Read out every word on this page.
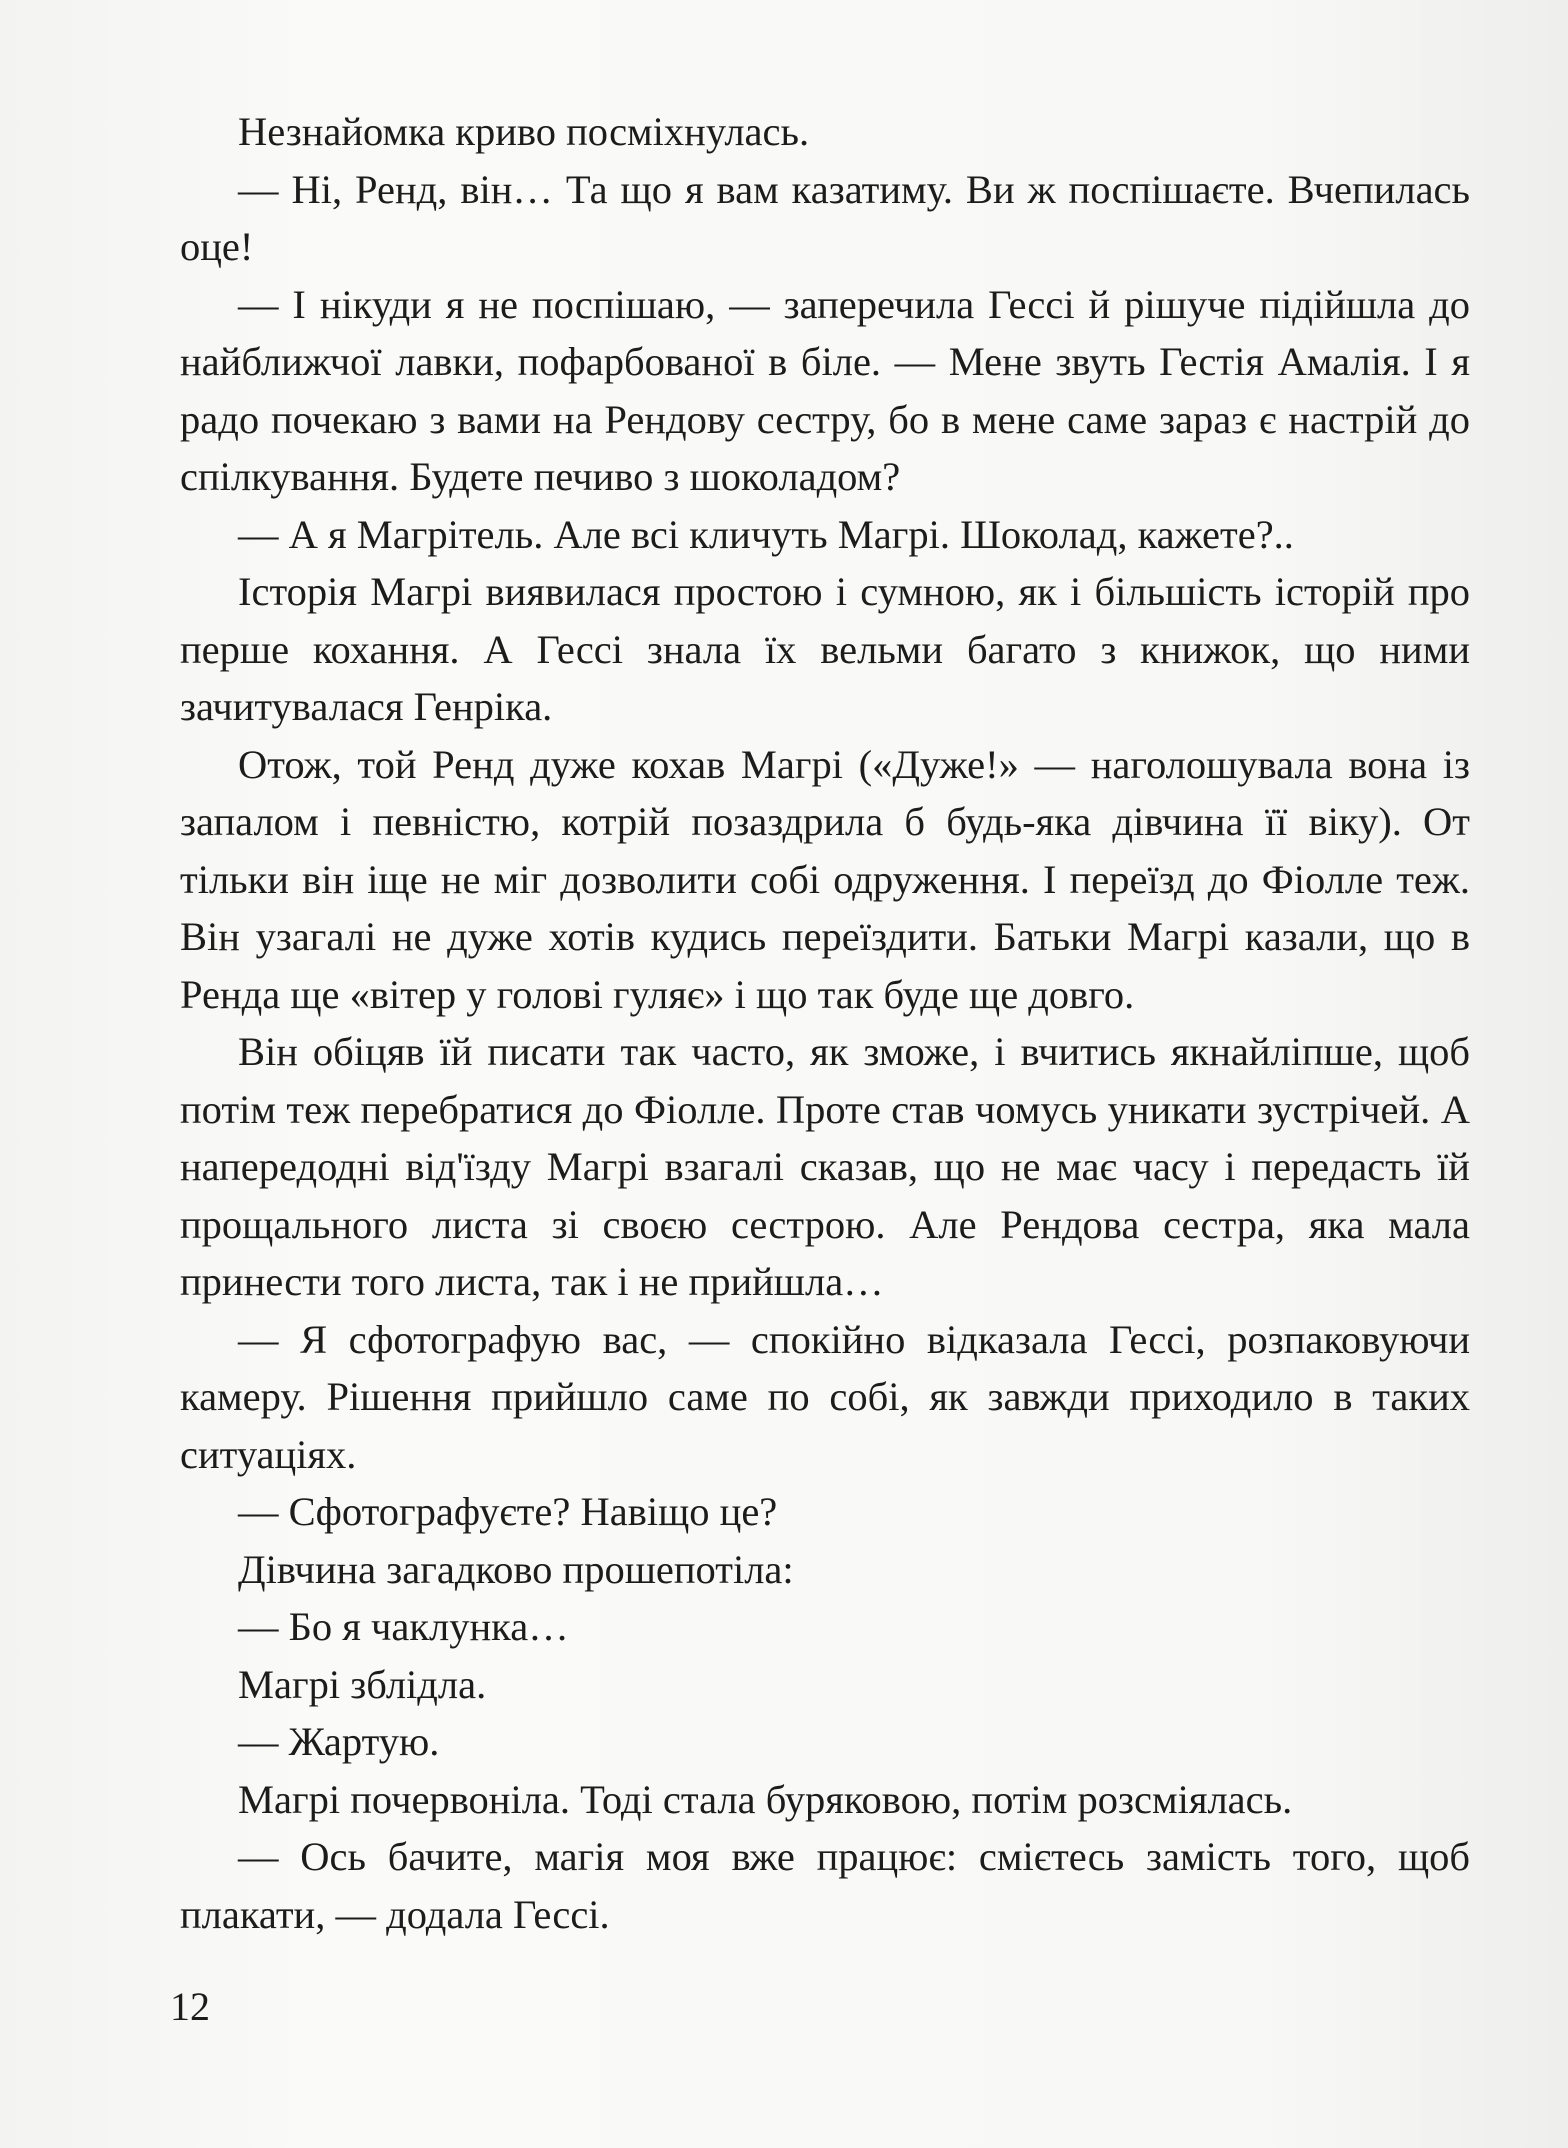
Незнайомка криво посміхнулась.

— Ні, Ренд, він… Та що я вам казатиму. Ви ж поспішаєте. Вчепилась оце!

— І нікуди я не поспішаю, — заперечила Гессі й рішуче підійшла до найближчої лавки, пофарбованої в біле. — Мене звуть Гестія Амалія. І я радо почекаю з вами на Рендову сестру, бо в мене саме зараз є настрій до спілкування. Будете печиво з шоколадом?

— А я Магрітель. Але всі кличуть Магрі. Шоколад, кажете?..

Історія Магрі виявилася простою і сумною, як і більшість історій про перше кохання. А Гессі знала їх вельми багато з книжок, що ними зачитувалася Генріка.

Отож, той Ренд дуже кохав Магрі («Дуже!» — наголошувала вона із запалом і певністю, котрій позаздрила б будь-яка дівчина її віку). От тільки він іще не міг дозволити собі одруження. І переїзд до Фіолле теж. Він узагалі не дуже хотів кудись переїздити. Батьки Магрі казали, що в Ренда ще «вітер у голові гуляє» і що так буде ще довго.

Він обіцяв їй писати так часто, як зможе, і вчитись якнайліпше, щоб потім теж перебратися до Фіолле. Проте став чомусь уникати зустрічей. А напередодні від'їзду Магрі взагалі сказав, що не має часу і передасть їй прощального листа зі своєю сестрою. Але Рендова сестра, яка мала принести того листа, так і не прийшла…

— Я сфотографую вас, — спокійно відказала Гессі, розпаковуючи камеру. Рішення прийшло саме по собі, як завжди приходило в таких ситуаціях.

— Сфотографуєте? Навіщо це?

Дівчина загадково прошепотіла:

— Бо я чаклунка…

Магрі зблідла.

— Жартую.

Магрі почервоніла. Тоді стала буряковою, потім розсміялась.

— Ось бачите, магія моя вже працює: смієтесь замість того, щоб плакати, — додала Гессі.

12
